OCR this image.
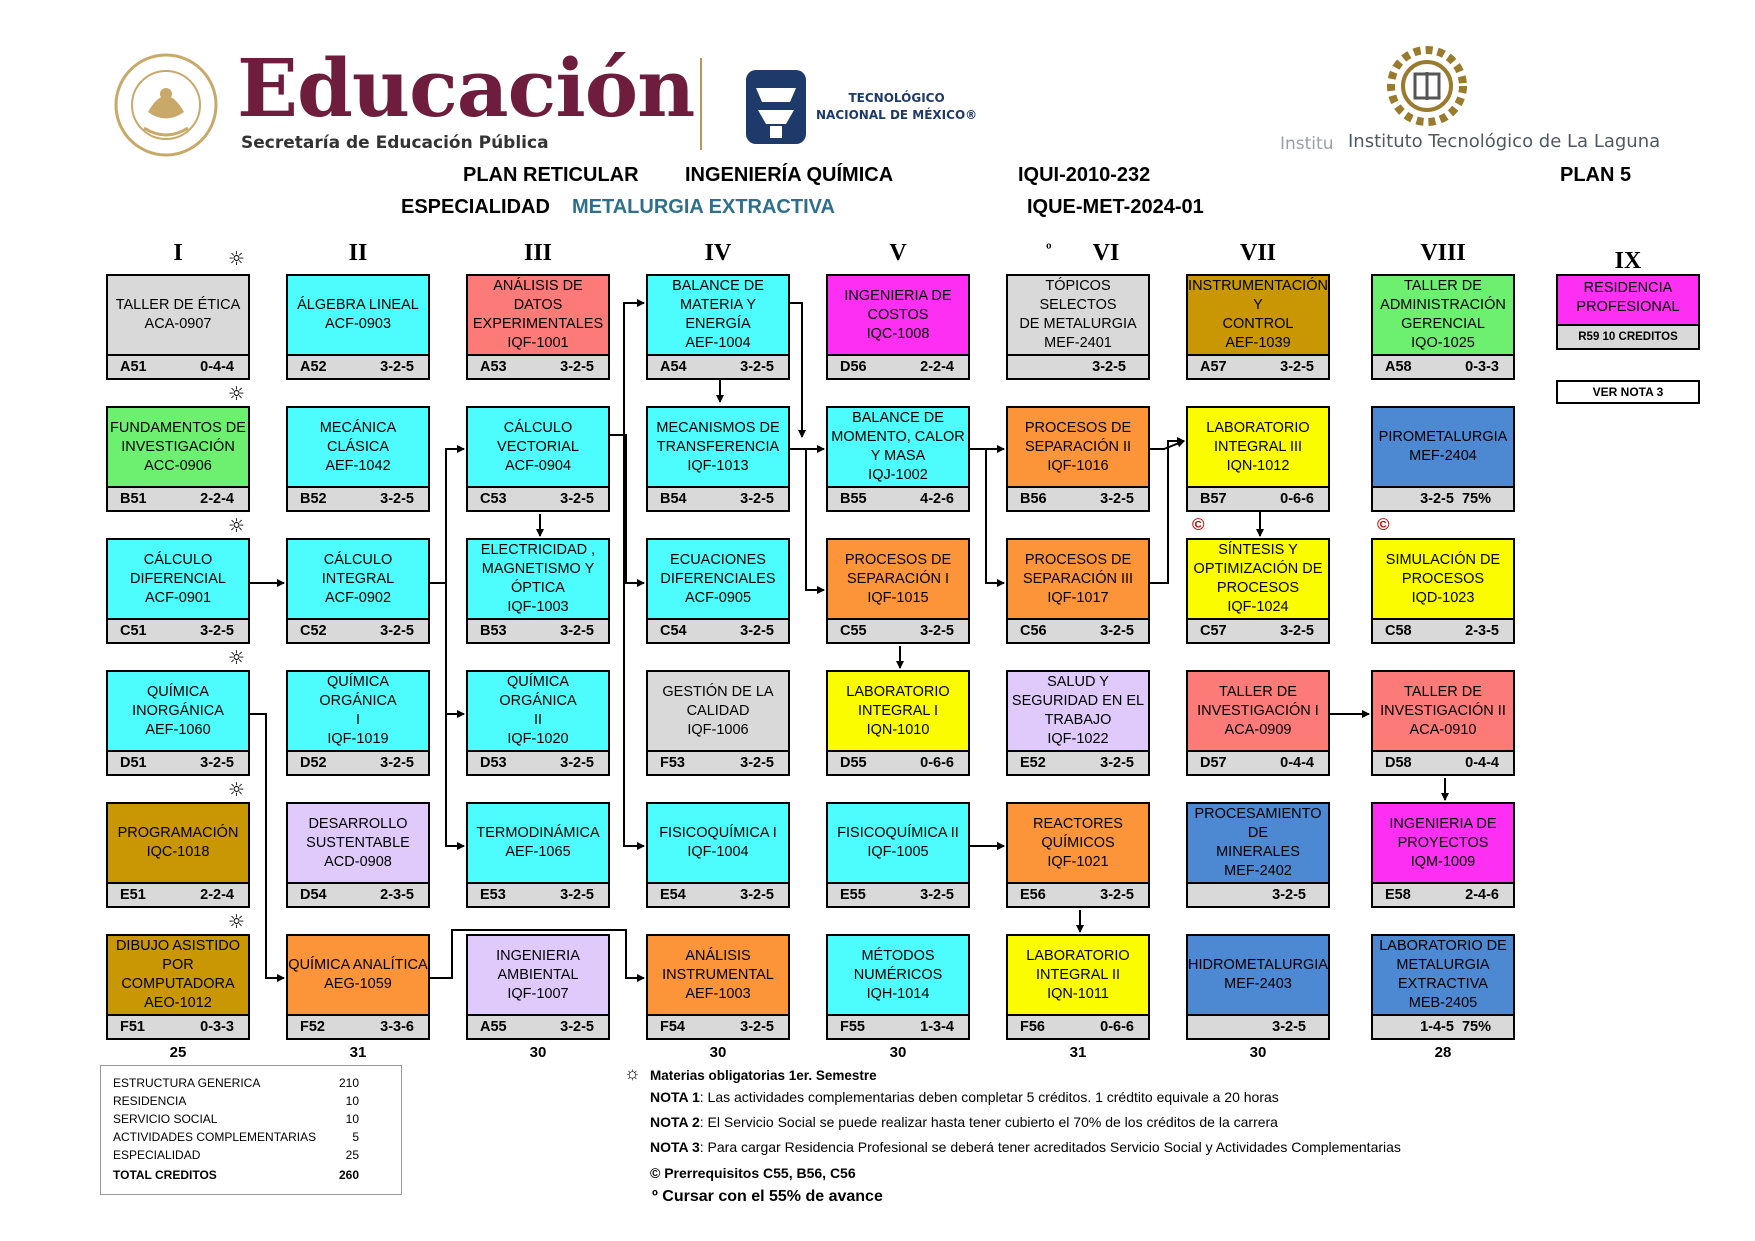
Educación
Secretaría de Educación Pública
TECNOLÓGICO
NACIONAL DE MÉXICO®
Institu Instituto Tecnológico de La Laguna
PLAN RETICULAR INGENIERÍA QUÍMICA	IQUI-2010-232	PLAN 5
ESPECIALIDAD METALURGIA EXTRACTIVA	IQUE-MET-2024-01
I	II	III	IV	V	VI	VII	VIII	IX
º
☼
☼
☼
☼
☼
☼
TALLER DE ÉTICA
ACA-0907
A51	0-4-4
FUNDAMENTOS DE
INVESTIGACIÓN
ACC-0906
B51	2-2-4
CÁLCULO
DIFERENCIAL
ACF-0901
C51	3-2-5
QUÍMICA
INORGÁNICA
AEF-1060
D51	3-2-5
PROGRAMACIÓN
IQC-1018
E51	2-2-4
DIBUJO ASISTIDO
POR
COMPUTADORA
AEO-1012
F51	0-3-3
ÁLGEBRA LINEAL
ACF-0903
A52	3-2-5
MECÁNICA CLÁSICA
AEF-1042
B52	3-2-5
CÁLCULO INTEGRAL
ACF-0902
C52	3-2-5
QUÍMICA ORGÁNICA
I
IQF-1019
D52	3-2-5
DESARROLLO
SUSTENTABLE
ACD-0908
D54	2-3-5
QUÍMICA ANALÍTICA
AEG-1059
F52	3-3-6
ANÁLISIS DE DATOS
EXPERIMENTALES
IQF-1001
A53	3-2-5
CÁLCULO
VECTORIAL
ACF-0904
C53	3-2-5
ELECTRICIDAD ,
MAGNETISMO Y
ÓPTICA
IQF-1003
B53	3-2-5
QUÍMICA ORGÁNICA
II
IQF-1020
D53	3-2-5
TERMODINÁMICA
AEF-1065
E53	3-2-5
INGENIERIA
AMBIENTAL
IQF-1007
A55	3-2-5
BALANCE DE
MATERIA Y
ENERGÍA
AEF-1004
A54	3-2-5
MECANISMOS DE
TRANSFERENCIA
IQF-1013
B54	3-2-5
ECUACIONES
DIFERENCIALES
ACF-0905
C54	3-2-5
GESTIÓN DE LA
CALIDAD
IQF-1006
F53	3-2-5
FISICOQUÍMICA I
IQF-1004
E54	3-2-5
ANÁLISIS
INSTRUMENTAL
AEF-1003
F54	3-2-5
INGENIERIA DE
COSTOS
IQC-1008
D56	2-2-4
BALANCE DE
MOMENTO, CALOR
Y MASA
IQJ-1002
B55	4-2-6
PROCESOS DE
SEPARACIÓN I
IQF-1015
C55	3-2-5
LABORATORIO
INTEGRAL I
IQN-1010
D55	0-6-6
FISICOQUÍMICA II
IQF-1005
E55	3-2-5
MÉTODOS
NUMÉRICOS
IQH-1014
F55	1-3-4
TÓPICOS SELECTOS
DE METALURGIA
MEF-2401
3-2-5
PROCESOS DE
SEPARACIÓN II
IQF-1016
B56	3-2-5
PROCESOS DE
SEPARACIÓN III
IQF-1017
C56	3-2-5
SALUD Y
SEGURIDAD EN EL
TRABAJO
IQF-1022
E52	3-2-5
REACTORES
QUÍMICOS
IQF-1021
E56	3-2-5
LABORATORIO
INTEGRAL II
IQN-1011
F56	0-6-6
INSTRUMENTACIÓN Y
CONTROL
AEF-1039
A57	3-2-5
LABORATORIO
INTEGRAL III
IQN-1012
B57	0-6-6
SÍNTESIS Y
OPTIMIZACIÓN DE
PROCESOS
IQF-1024
C57	3-2-5
TALLER DE
INVESTIGACIÓN I
ACA-0909
D57	0-4-4
PROCESAMIENTO DE
MINERALES
MEF-2402
3-2-5
HIDROMETALURGIA
MEF-2403
3-2-5
TALLER DE
ADMINISTRACIÓN
GERENCIAL
IQO-1025
A58	0-3-3
PIROMETALURGIA
MEF-2404
3-2-5  75%
SIMULACIÓN DE
PROCESOS
IQD-1023
C58	2-3-5
TALLER DE
INVESTIGACIÓN II
ACA-0910
D58	0-4-4
INGENIERIA DE
PROYECTOS
IQM-1009
E58	2-4-6
LABORATORIO DE
METALURGIA
EXTRACTIVA
MEB-2405
1-4-5  75%
RESIDENCIA
PROFESIONAL
R59 10 CREDITOS
VER NOTA 3
©	©
25	31	30	30	30	31	30	28
ESTRUCTURA GENERICA	210
RESIDENCIA	10
SERVICIO SOCIAL	10
ACTIVIDADES COMPLEMENTARIAS	5
ESPECIALIDAD	25
TOTAL CREDITOS	260
☼ Materias obligatorias 1er. Semestre
NOTA 1: Las actividades complementarias deben completar 5 créditos. 1 crédtito equivale a 20 horas
NOTA 2: El Servicio Social se puede realizar hasta tener cubierto el 70% de los créditos de la carrera
NOTA 3: Para cargar Residencia Profesional se deberá tener acreditados Servicio Social y Actividades Complementarias
© Prerrequisitos C55, B56, C56
º Cursar con el 55% de avance
